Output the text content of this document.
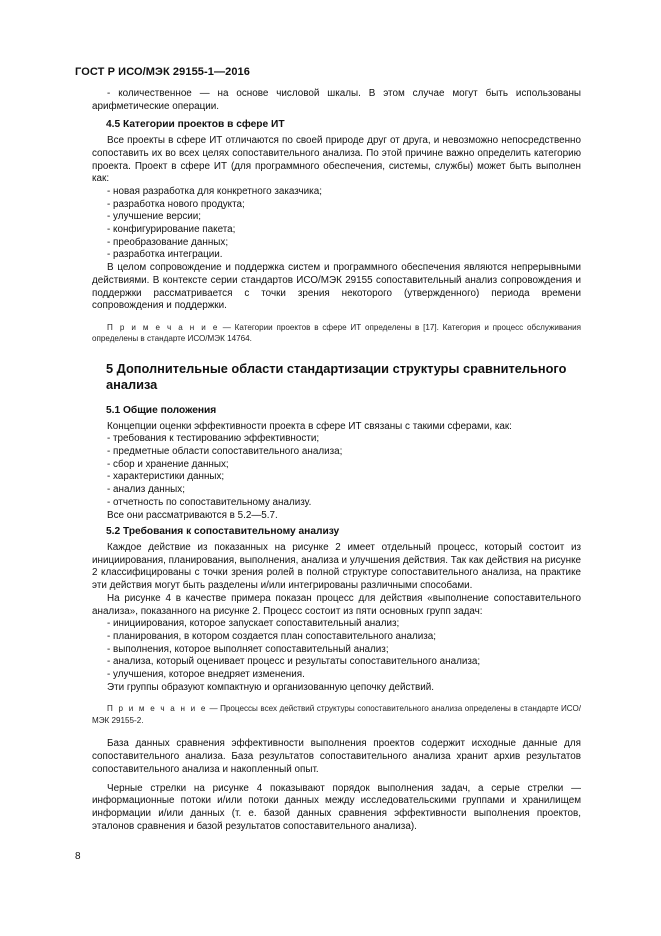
ГОСТ Р ИСО/МЭК 29155-1—2016

- количественное — на основе числовой шкалы. В этом случае могут быть использованы арифметические операции.

4.5 Категории проектов в сфере ИТ

Все проекты в сфере ИТ отличаются по своей природе друг от друга, и невозможно непосредственно сопоставить их во всех целях сопоставительного анализа. По этой причине важно определить категорию проекта. Проект в сфере ИТ (для программного обеспечения, системы, службы) может быть выполнен как:

- новая разработка для конкретного заказчика;
- разработка нового продукта;
- улучшение версии;
- конфигурирование пакета;
- преобразование данных;
- разработка интеграции.

В целом сопровождение и поддержка систем и программного обеспечения являются непрерывными действиями. В контексте серии стандартов ИСО/МЭК 29155 сопоставительный анализ сопровождения и поддержки рассматривается с точки зрения некоторого (утвержденного) периода времени сопровождения и поддержки.

П р и м е ч а н и е — Категории проектов в сфере ИТ определены в [17]. Категория и процесс обслуживания определены в стандарте ИСО/МЭК 14764.

5 Дополнительные области стандартизации структуры сравнительного анализа
5.1 Общие положения

Концепции оценки эффективности проекта в сфере ИТ связаны с такими сферами, как:

- требования к тестированию эффективности;
- предметные области сопоставительного анализа;
- сбор и хранение данных;
- характеристики данных;
- анализ данных;
- отчетность по сопоставительному анализу.

Все они рассматриваются в 5.2—5.7.

5.2 Требования к сопоставительному анализу

Каждое действие из показанных на рисунке 2 имеет отдельный процесс, который состоит из инициирования, планирования, выполнения, анализа и улучшения действия. Так как действия на рисунке 2 классифицированы с точки зрения ролей в полной структуре сопоставительного анализа, на практике эти действия могут быть разделены и/или интегрированы различными способами.

На рисунке 4 в качестве примера показан процесс для действия «выполнение сопоставительного анализа», показанного на рисунке 2. Процесс состоит из пяти основных групп задач:

- инициирования, которое запускает сопоставительный анализ;
- планирования, в котором создается план сопоставительного анализа;
- выполнения, которое выполняет сопоставительный анализ;
- анализа, который оценивает процесс и результаты сопоставительного анализа;
- улучшения, которое внедряет изменения.

Эти группы образуют компактную и организованную цепочку действий.

П р и м е ч а н и е — Процессы всех действий структуры сопоставительного анализа определены в стандарте ИСО/МЭК 29155-2.

База данных сравнения эффективности выполнения проектов содержит исходные данные для сопоставительного анализа. База результатов сопоставительного анализа хранит архив результатов сопоставительного анализа и накопленный опыт.

Черные стрелки на рисунке 4 показывают порядок выполнения задач, а серые стрелки — информационные потоки и/или потоки данных между исследовательскими группами и хранилищем информации и/или данных (т. е. базой данных сравнения эффективности выполнения проектов, эталонов сравнения и базой результатов сопоставительного анализа).

8
